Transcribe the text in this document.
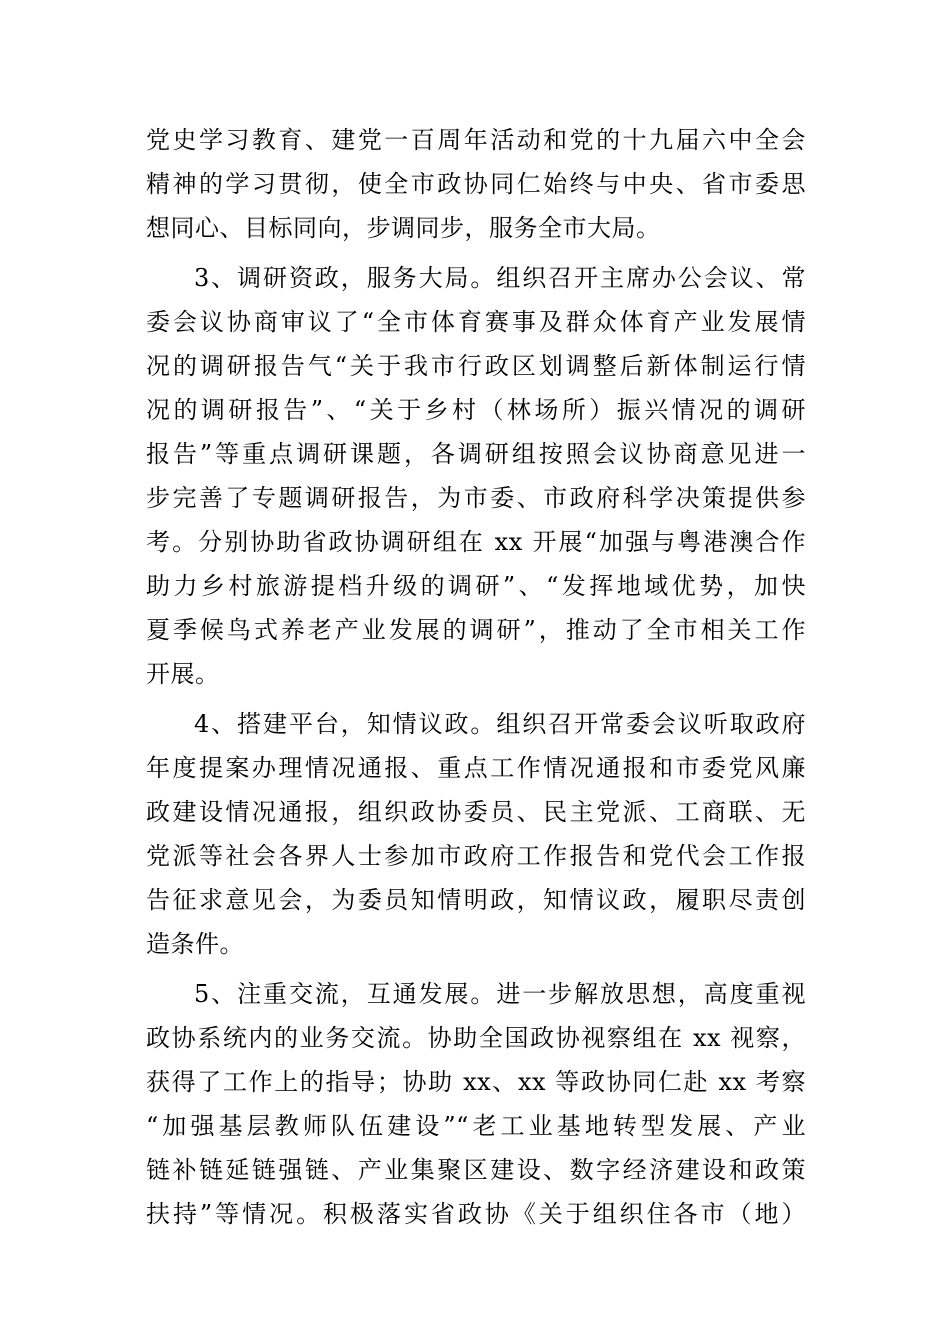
党史学习教育、建党一百周年活动和党的十九届六中全会
精神的学习贯彻，使全市政协同仁始终与中央、省市委思
想同心、目标同向，步调同步，服务全市大局。
3、调研资政，服务大局。组织召开主席办公会议、常
委会议协商审议了“全市体育赛事及群众体育产业发展情
况的调研报告气“关于我市行政区划调整后新体制运行情
况的调研报告”、“关于乡村（林场所）振兴情况的调研
报告”等重点调研课题，各调研组按照会议协商意见进一
步完善了专题调研报告，为市委、市政府科学决策提供参
考。分别协助省政协调研组在 xx 开展“加强与粤港澳合作
助力乡村旅游提档升级的调研”、“发挥地域优势，加快
夏季候鸟式养老产业发展的调研”，推动了全市相关工作
开展。
4、搭建平台，知情议政。组织召开常委会议听取政府
年度提案办理情况通报、重点工作情况通报和市委党风廉
政建设情况通报，组织政协委员、民主党派、工商联、无
党派等社会各界人士参加市政府工作报告和党代会工作报
告征求意见会，为委员知情明政，知情议政，履职尽责创
造条件。
5、注重交流，互通发展。进一步解放思想，高度重视
政协系统内的业务交流。协助全国政协视察组在 xx 视察，
获得了工作上的指导；协助 xx、xx 等政协同仁赴 xx 考察
“加强基层教师队伍建设”“老工业基地转型发展、产业
链补链延链强链、产业集聚区建设、数字经济建设和政策
扶持”等情况。积极落实省政协《关于组织住各市（地）
